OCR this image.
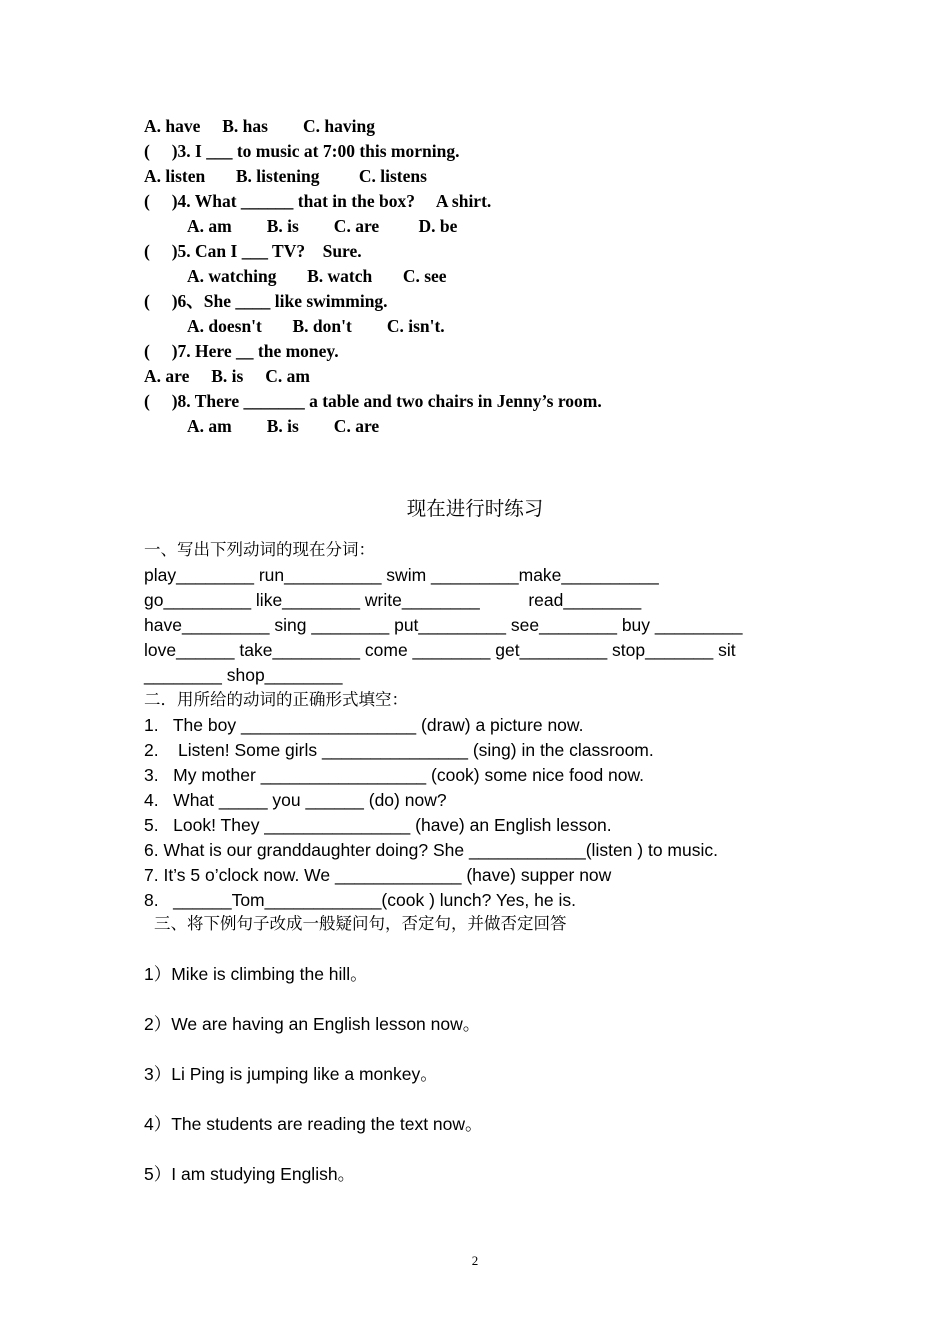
A. have     B. has        C. having
(     )3. I ___ to music at 7:00 this morning.
A. listen       B. listening         C. listens
(     )4. What ______ that in the box?     A shirt.
A. am        B. is        C. are         D. be
(     )5. Can I ___ TV?    Sure.
A. watching       B. watch       C. see
(     )6、She ____ like swimming.
A. doesn't       B. don't        C. isn't.
(     )7. Here __ the money.
A. are     B. is     C. am
(     )8. There _______ a table and two chairs in Jenny’s room.
A. am        B. is        C. are
现在进行时练习
一、写出下列动词的现在分词：
play________ run__________ swim _________make__________
go_________ like________ write________          read________
have_________ sing ________ put_________ see________ buy _________
love______ take_________ come ________ get_________ stop_______ sit
________ shop________
二．用所给的动词的正确形式填空：
1.   The boy __________________ (draw) a picture now.
2.    Listen! Some girls _______________ (sing) in the classroom.
3.   My mother _________________ (cook) some nice food now.
4.   What _____ you ______ (do) now?
5.   Look! They _______________ (have) an English lesson.
6. What is our granddaughter doing? She ____________(listen ) to music.
7. It’s 5 o’clock now. We _____________ (have) supper now
8.   ______Tom____________(cook ) lunch? Yes, he is.
三、将下例句子改成一般疑问句，否定句，并做否定回答
1）Mike is climbing the hill。
2）We are having an English lesson now。
3）Li Ping is jumping like a monkey。
4）The students are reading the text now。
5）I am studying English。
2
